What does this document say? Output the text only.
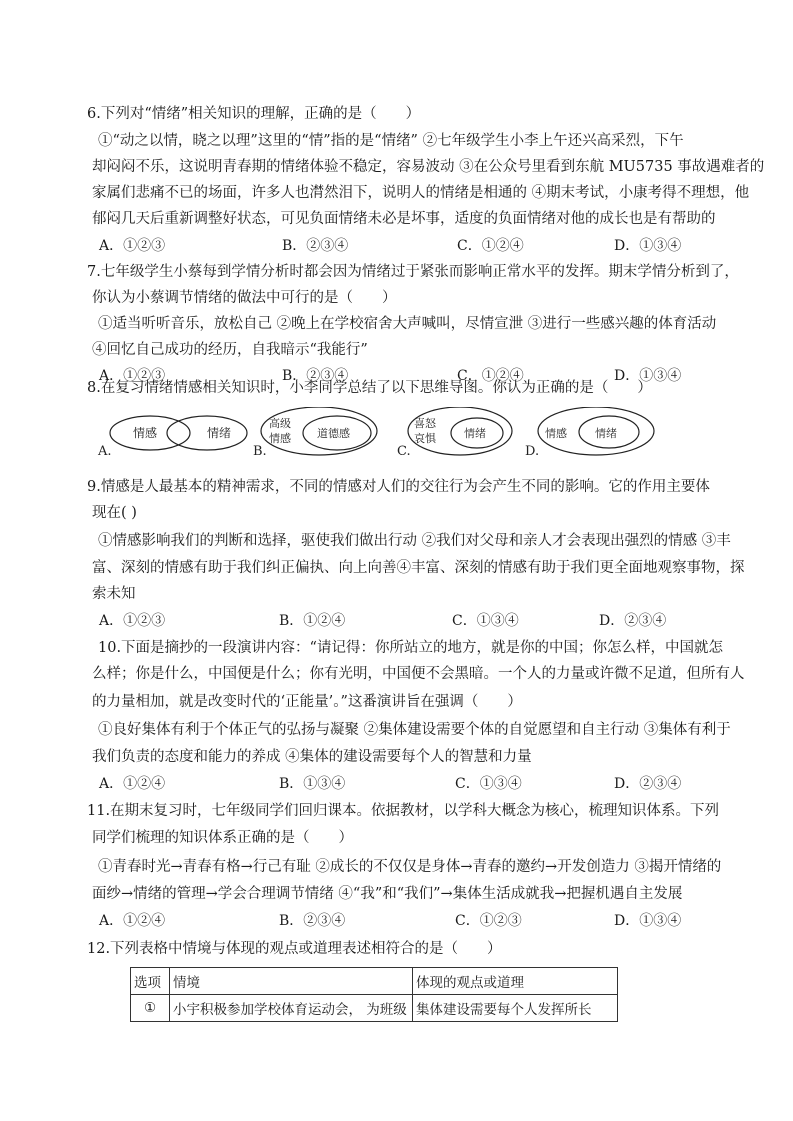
6.下列对“情绪”相关知识的理解，正确的是（　　）
①“动之以情，晓之以理”这里的“情”指的是“情绪” ②七年级学生小李上午还兴高采烈，下午
却闷闷不乐，这说明青春期的情绪体验不稳定，容易波动 ③在公众号里看到东航 MU5735 事故遇难者的
家属们悲痛不已的场面，许多人也潸然泪下，说明人的情绪是相通的 ④期末考试，小康考得不理想，他
郁闷几天后重新调整好状态，可见负面情绪未必是坏事，适度的负面情绪对他的成长也是有帮助的
A．①②③	B．②③④	C．①②④	D．①③④
7.七年级学生小蔡每到学情分析时都会因为情绪过于紧张而影响正常水平的发挥。期末学情分析到了，
你认为小蔡调节情绪的做法中可行的是（　　）
①适当听听音乐，放松自己 ②晚上在学校宿舍大声喊叫，尽情宣泄 ③进行一些感兴趣的体育活动
④回忆自己成功的经历，自我暗示“我能行”
A．①②③	B．②③④	C．①②④	D．①③④
8.在复习情绪情感相关知识时，小李同学总结了以下思维导图。你认为正确的是（　　）
A.
情感	情绪
B.
高级
情感 道德感
C.
喜怒
哀惧	情绪
D.
情感	情绪
9.情感是人最基本的精神需求，不同的情感对人们的交往行为会产生不同的影响。它的作用主要体
现在( )
①情感影响我们的判断和选择，驱使我们做出行动 ②我们对父母和亲人才会表现出强烈的情感 ③丰
富、深刻的情感有助于我们纠正偏执、向上向善④丰富、深刻的情感有助于我们更全面地观察事物，探
索未知
A．①②③	B．①②④	C．①③④	D．②③④
10.下面是摘抄的一段演讲内容：“请记得：你所站立的地方，就是你的中国；你怎么样，中国就怎
么样；你是什么，中国便是什么；你有光明，中国便不会黑暗。一个人的力量或许微不足道，但所有人
的力量相加，就是改变时代的‘正能量’。”这番演讲旨在强调（　　）
①良好集体有利于个体正气的弘扬与凝聚 ②集体建设需要个体的自觉愿望和自主行动 ③集体有利于
我们负责的态度和能力的养成 ④集体的建设需要每个人的智慧和力量
A．①②④	B．①③④	C．①③④	D．②③④
11.在期末复习时，七年级同学们回归课本。依据教材，以学科大概念为核心，梳理知识体系。下列
同学们梳理的知识体系正确的是（　　）
①青春时光→青春有格→行己有耻 ②成长的不仅仅是身体→青春的邀约→开发创造力 ③揭开情绪的
面纱→情绪的管理→学会合理调节情绪 ④“我”和“我们”→集体生活成就我→把握机遇自主发展
A．①②④	B．②③④	C．①②③	D．①③④
12.下列表格中情境与体现的观点或道理表述相符合的是（　　）
选项	情境	体现的观点或道理
①	小宇积极参加学校体育运动会， 为班级	集体建设需要每个人发挥所长
